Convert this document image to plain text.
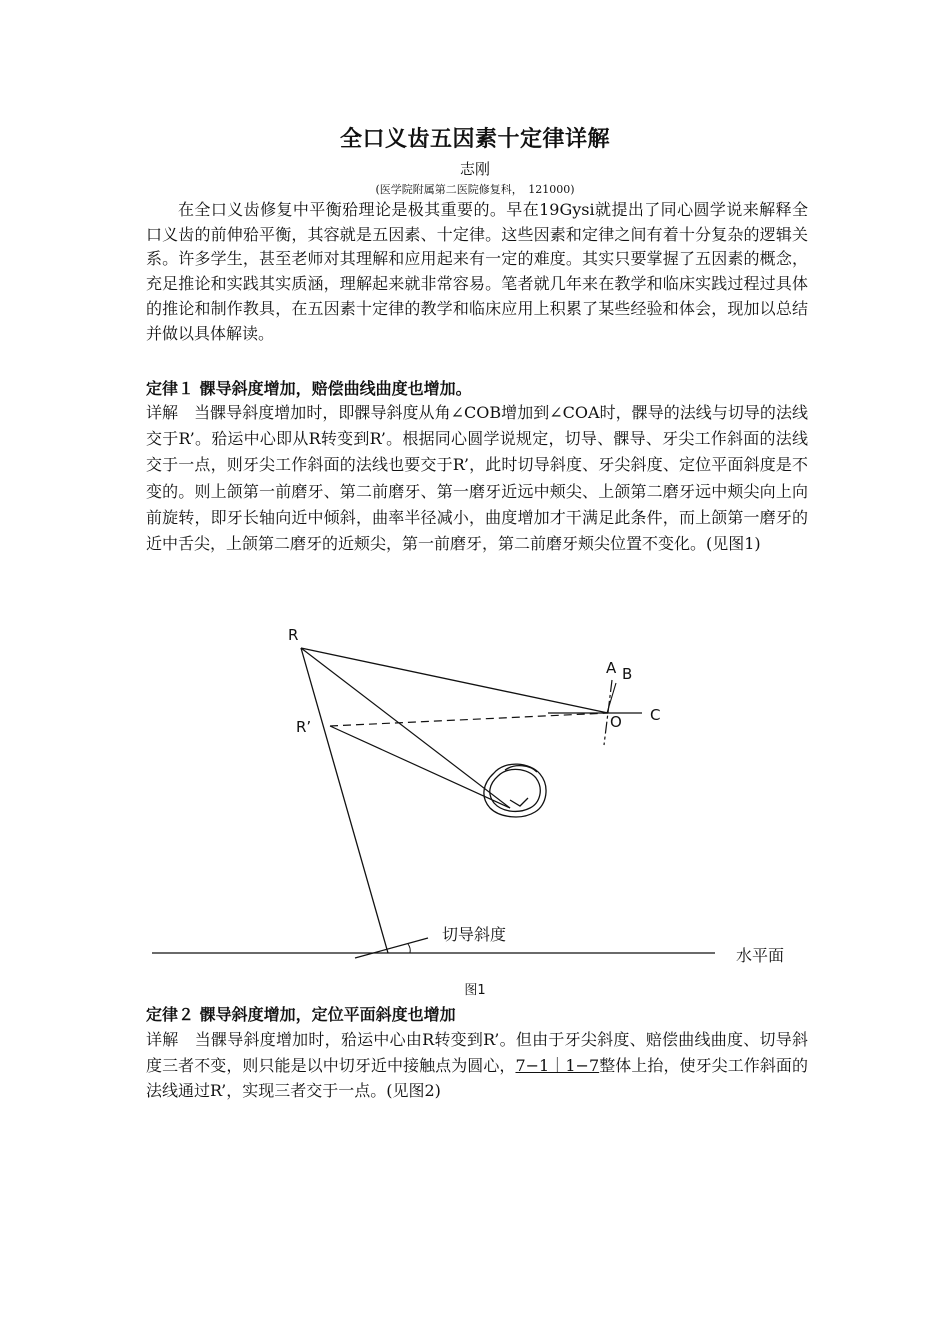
全口义齿五因素十定律详解
志刚
(医学院附属第二医院修复科，　121000)

在全口义齿修复中平衡𬌗理论是极其重要的。早在19Gysi就提出了同心圆学说来解释全口义齿的前伸𬌗平衡，其容就是五因素、十定律。这些因素和定律之间有着十分复杂的逻辑关系。许多学生，甚至老师对其理解和应用起来有一定的难度。其实只要掌握了五因素的概念，充足推论和实践其实质涵，理解起来就非常容易。笔者就几年来在教学和临床实践过程过具体的推论和制作教具，在五因素十定律的教学和临床应用上积累了某些经验和体会，现加以总结并做以具体解读。

定律１ 髁导斜度增加，赔偿曲线曲度也增加。

详解　当髁导斜度增加时，即髁导斜度从角∠COB增加到∠COA时，髁导的法线与切导的法线交于R’。𬌗运中心即从R转变到R’。根据同心圆学说规定，切导、髁导、牙尖工作斜面的法线交于一点，则牙尖工作斜面的法线也要交于R’，此时切导斜度、牙尖斜度、定位平面斜度是不变的。则上颌第一前磨牙、第二前磨牙、第一磨牙近远中颊尖、上颌第二磨牙远中颊尖向上向前旋转，即牙长轴向近中倾斜，曲率半径减小，曲度增加才干满足此条件，而上颌第一磨牙的近中舌尖，上颌第二磨牙的近颊尖，第一前磨牙，第二前磨牙颊尖位置不变化。(见图1)

R
R’
A B
O C
切导斜度
水平面
图1

定律２ 髁导斜度增加，定位平面斜度也增加

详解　当髁导斜度增加时，𬌗运中心由R转变到R’。但由于牙尖斜度、赔偿曲线曲度、切导斜度三者不变，则只能是以中切牙近中接触点为圆心，7−1｜1−7整体上抬，使牙尖工作斜面的法线通过R’，实现三者交于一点。(见图2)
